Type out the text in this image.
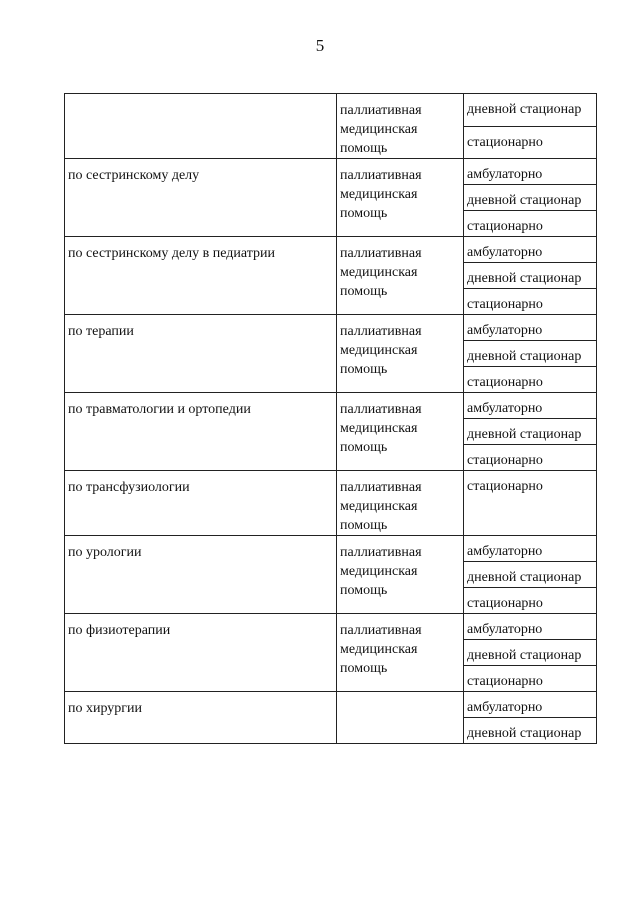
5

	паллиативная медицинская помощь	дневной стационар

		стационарно

по сестринскому делу	паллиативная медицинская помощь	амбулаторно

		дневной стационар

		стационарно

по сестринскому делу в педиатрии	паллиативная медицинская помощь	амбулаторно

		дневной стационар

		стационарно

по терапии	паллиативная медицинская помощь	амбулаторно

		дневной стационар

		стационарно

по травматологии и ортопедии	паллиативная медицинская помощь	амбулаторно

		дневной стационар

		стационарно

по трансфузиологии	паллиативная медицинская помощь	стационарно

по урологии	паллиативная медицинская помощь	амбулаторно

		дневной стационар

		стационарно

по физиотерапии	паллиативная медицинская помощь	амбулаторно

		дневной стационар

		стационарно

по хирургии		амбулаторно

		дневной стационар
